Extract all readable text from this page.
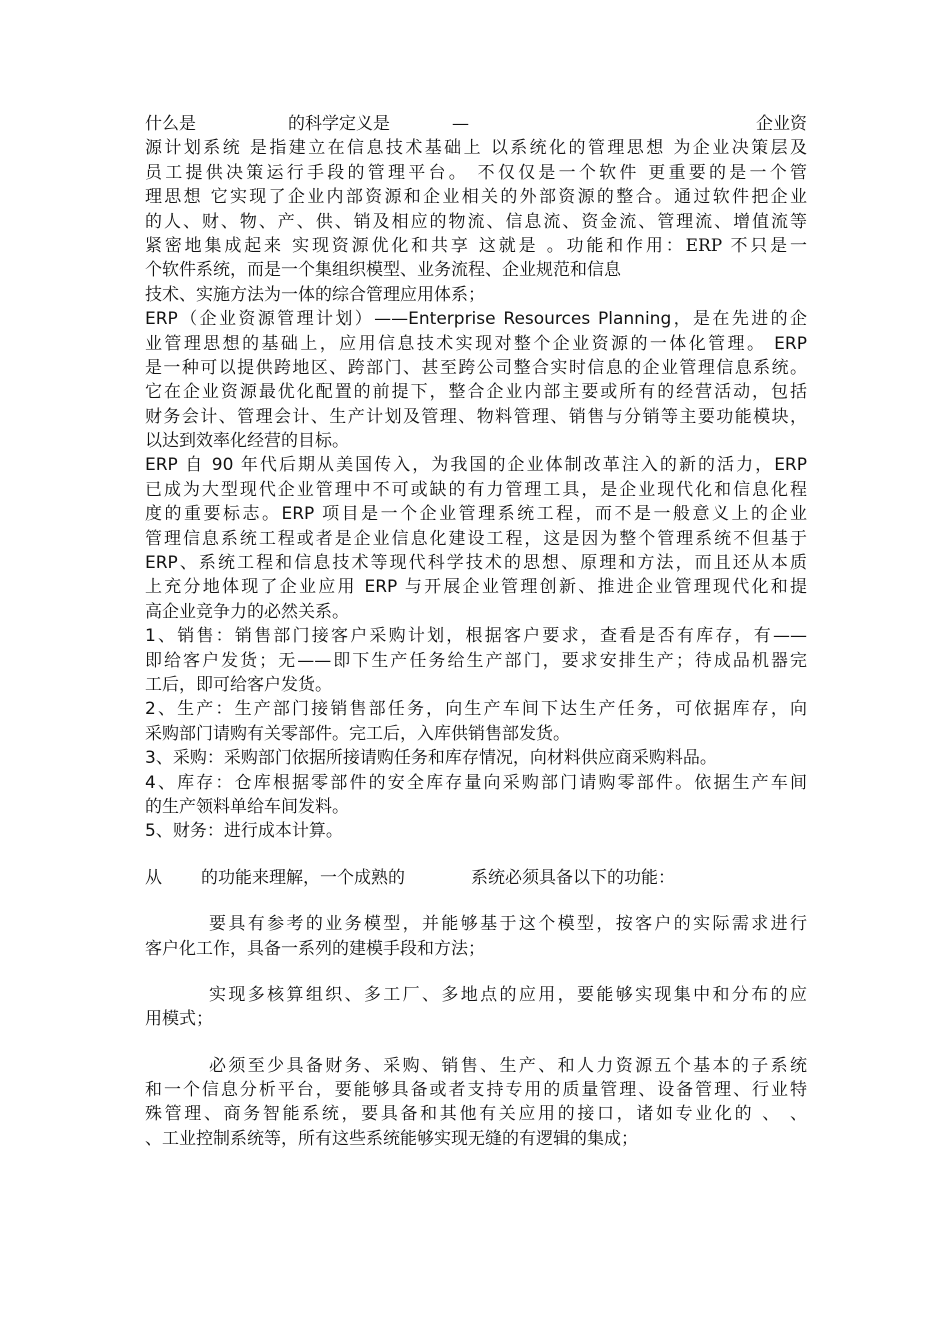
什么是	的科学定义是	—	企业资
源计划系统 是指建立在信息技术基础上 以系统化的管理思想 为企业决策层及
员工提供决策运行手段的管理平台。 不仅仅是一个软件 更重要的是一个管
理思想 它实现了企业内部资源和企业相关的外部资源的整合。通过软件把企业
的人、财、物、产、供、销及相应的物流、信息流、资金流、管理流、增值流等
紧密地集成起来 实现资源优化和共享 这就是 。功能和作用：ERP 不只是一
个软件系统，而是一个集组织模型、业务流程、企业规范和信息
技术、实施方法为一体的综合管理应用体系；
ERP（企业资源管理计划）——Enterprise Resources Planning，是在先进的企
业管理思想的基础上，应用信息技术实现对整个企业资源的一体化管理。 ERP
是一种可以提供跨地区、跨部门、甚至跨公司整合实时信息的企业管理信息系统。
它在企业资源最优化配置的前提下，整合企业内部主要或所有的经营活动，包括
财务会计、管理会计、生产计划及管理、物料管理、销售与分销等主要功能模块，
以达到效率化经营的目标。
ERP 自 90 年代后期从美国传入，为我国的企业体制改革注入的新的活力，ERP
已成为大型现代企业管理中不可或缺的有力管理工具，是企业现代化和信息化程
度的重要标志。ERP 项目是一个企业管理系统工程，而不是一般意义上的企业
管理信息系统工程或者是企业信息化建设工程，这是因为整个管理系统不但基于
ERP、系统工程和信息技术等现代科学技术的思想、原理和方法，而且还从本质
上充分地体现了企业应用 ERP 与开展企业管理创新、推进企业管理现代化和提
高企业竞争力的必然关系。
1、销售：销售部门接客户采购计划，根据客户要求，查看是否有库存，有——
即给客户发货；无——即下生产任务给生产部门，要求安排生产；待成品机器完
工后，即可给客户发货。
2、生产：生产部门接销售部任务，向生产车间下达生产任务，可依据库存，向
采购部门请购有关零部件。完工后，入库供销售部发货。
3、采购：采购部门依据所接请购任务和库存情况，向材料供应商采购料品。
4、库存：仓库根据零部件的安全库存量向采购部门请购零部件。依据生产车间
的生产领料单给车间发料。
5、财务：进行成本计算。
从 的功能来理解，一个成熟的	系统必须具备以下的功能：
要具有参考的业务模型，并能够基于这个模型，按客户的实际需求进行
客户化工作，具备一系列的建模手段和方法；
实现多核算组织、多工厂、多地点的应用，要能够实现集中和分布的应
用模式；
必须至少具备财务、采购、销售、生产、和人力资源五个基本的子系统
和一个信息分析平台，要能够具备或者支持专用的质量管理、设备管理、行业特
殊管理、商务智能系统，要具备和其他有关应用的接口，诸如专业化的 、 、
、工业控制系统等，所有这些系统能够实现无缝的有逻辑的集成；
